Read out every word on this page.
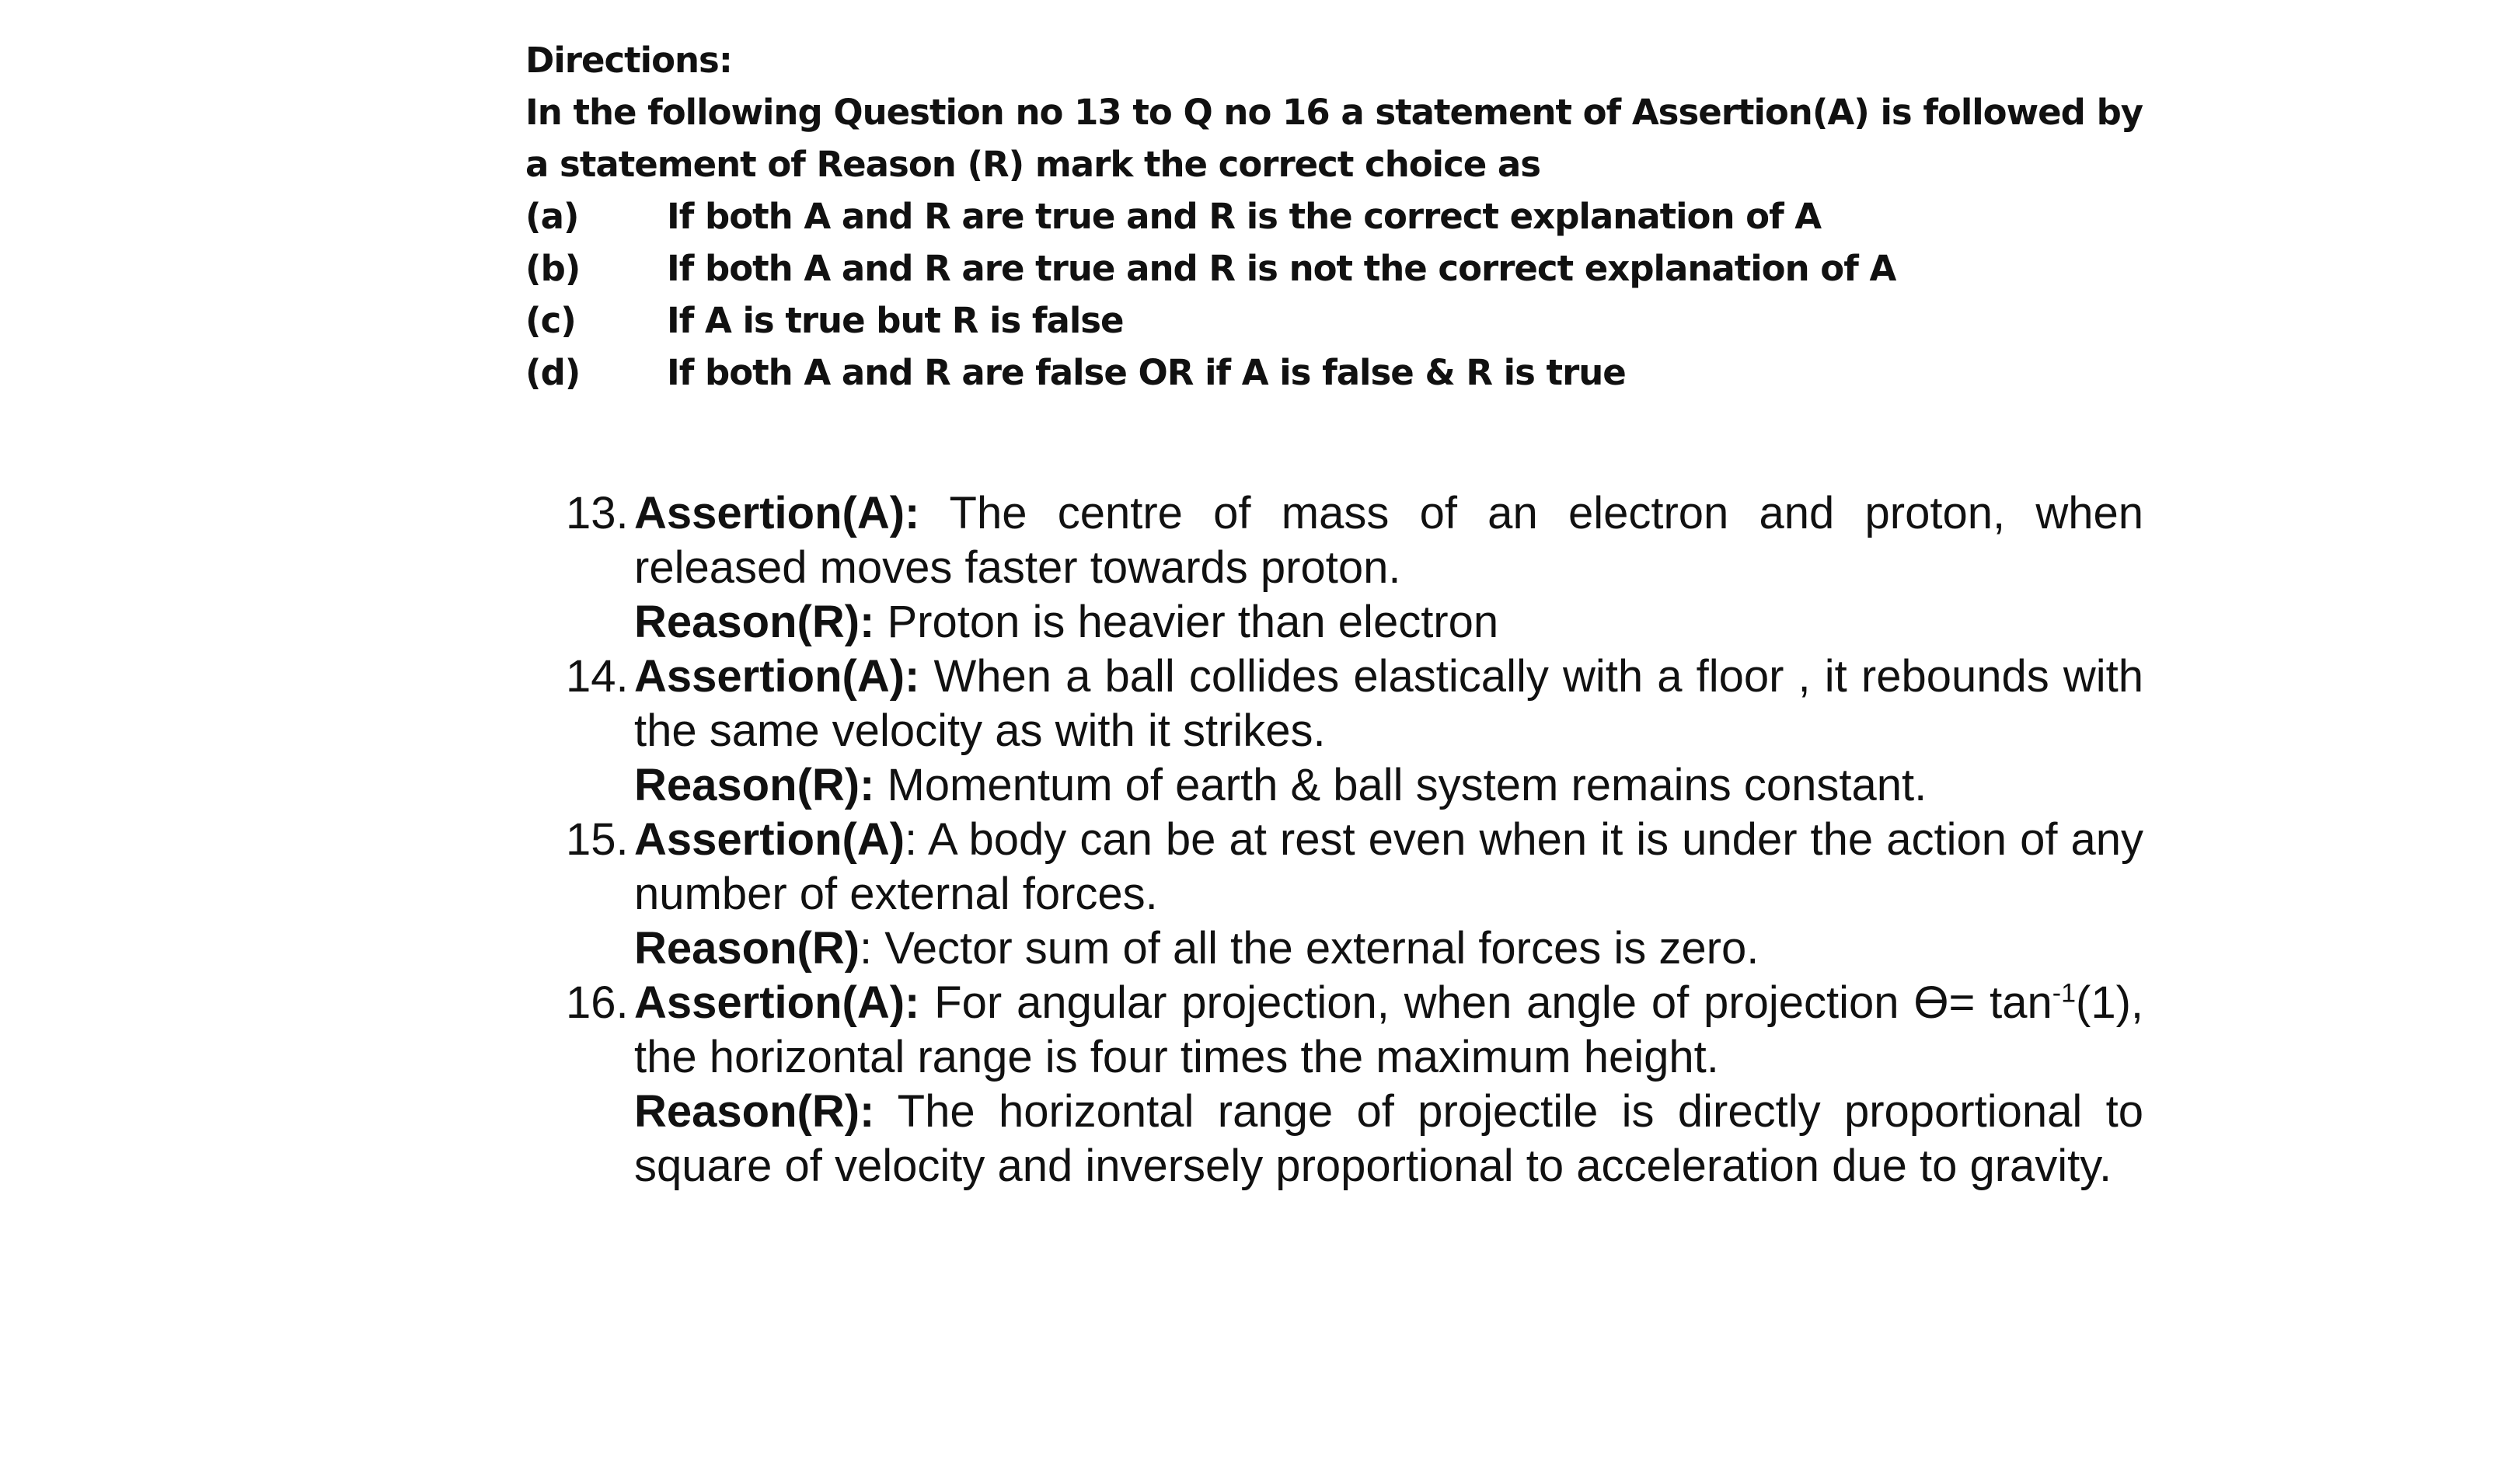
Directions:
In the following Question no 13 to Q no 16 a statement of Assertion(A) is followed by a statement of Reason (R) mark the correct choice as
(a)	If both A and R are true and R is the correct explanation of A
(b)	If both A and R are true and R is not the correct explanation of A
(c)	If A is true but R is false
(d)	If both A and R are false OR if A is false & R is true
13. Assertion(A): The centre of mass of an electron and proton, when released moves faster towards proton.

Reason(R): Proton is heavier than electron

14. Assertion(A): When a ball collides elastically with a floor , it rebounds with the same velocity as with it strikes.

Reason(R): Momentum of earth & ball system remains constant.

15. Assertion(A): A body can be at rest even when it is under the action of any number of external forces.

Reason(R): Vector sum of all the external forces is zero.

16. Assertion(A): For angular projection, when angle of projection $ϴ= \tan^{-1}(1)$, the horizontal range is four times the maximum height.

Reason(R): The horizontal range of projectile is directly proportional to square of velocity and inversely proportional to acceleration due to gravity.
